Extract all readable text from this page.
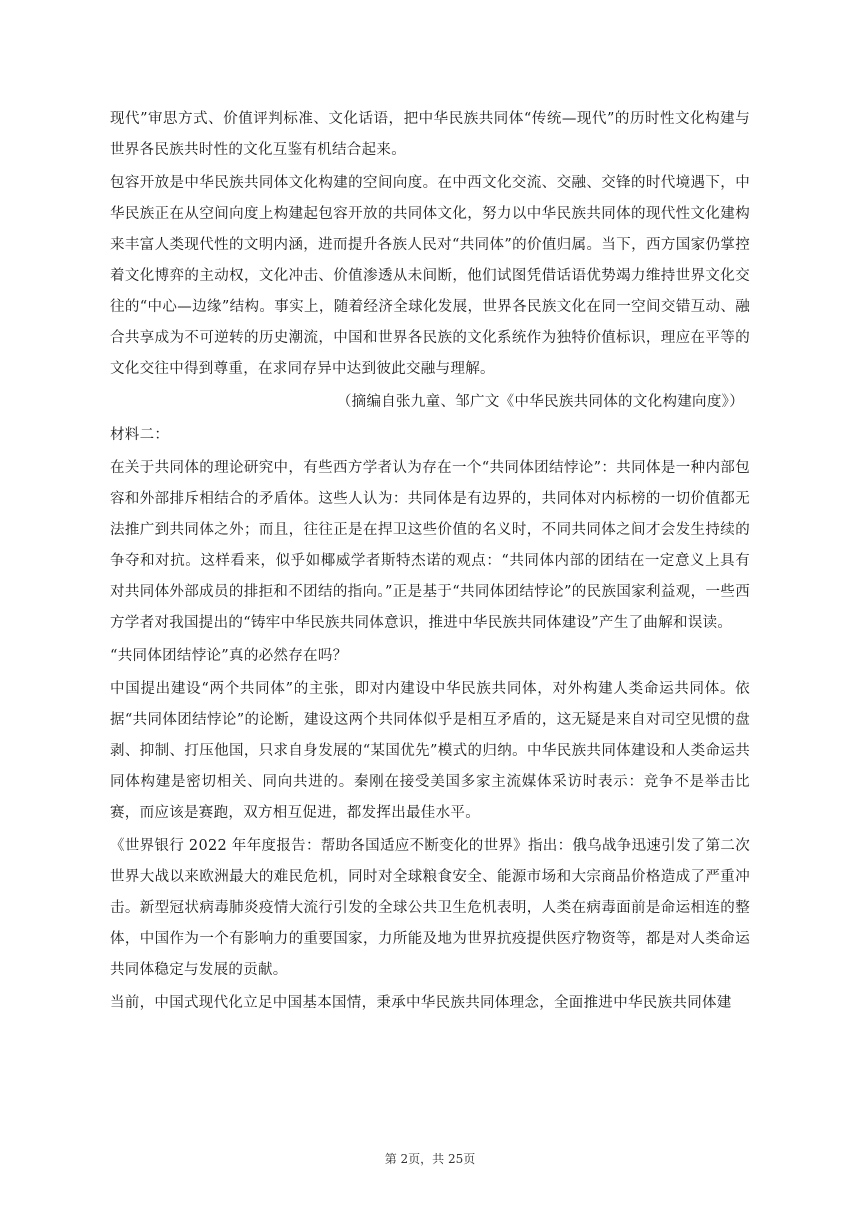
现代”审思方式、价值评判标准、文化话语，把中华民族共同体“传统—现代”的历时性文化构建与世界各民族共时性的文化互鉴有机结合起来。

包容开放是中华民族共同体文化构建的空间向度。在中西文化交流、交融、交锋的时代境遇下，中华民族正在从空间向度上构建起包容开放的共同体文化，努力以中华民族共同体的现代性文化建构来丰富人类现代性的文明内涵，进而提升各族人民对“共同体”的价值归属。当下，西方国家仍掌控着文化博弈的主动权，文化冲击、价值渗透从未间断，他们试图凭借话语优势竭力维持世界文化交往的“中心—边缘”结构。事实上，随着经济全球化发展，世界各民族文化在同一空间交错互动、融合共享成为不可逆转的历史潮流，中国和世界各民族的文化系统作为独特价值标识，理应在平等的文化交往中得到尊重，在求同存异中达到彼此交融与理解。

（摘编自张九童、邹广文《中华民族共同体的文化构建向度》）

材料二：

在关于共同体的理论研究中，有些西方学者认为存在一个“共同体团结悖论”：共同体是一种内部包容和外部排斥相结合的矛盾体。这些人认为：共同体是有边界的，共同体对内标榜的一切价值都无法推广到共同体之外；而且，往往正是在捍卫这些价值的名义时，不同共同体之间才会发生持续的争夺和对抗。这样看来，似乎如椰威学者斯特杰诺的观点：“共同体内部的团结在一定意义上具有对共同体外部成员的排拒和不团结的指向。”正是基于“共同体团结悖论”的民族国家利益观，一些西方学者对我国提出的“铸牢中华民族共同体意识，推进中华民族共同体建设”产生了曲解和误读。

“共同体团结悖论”真的必然存在吗？

中国提出建设“两个共同体”的主张，即对内建设中华民族共同体，对外构建人类命运共同体。依据“共同体团结悖论”的论断，建设这两个共同体似乎是相互矛盾的，这无疑是来自对司空见惯的盘剥、抑制、打压他国，只求自身发展的“某国优先”模式的归纳。中华民族共同体建设和人类命运共同体构建是密切相关、同向共进的。秦刚在接受美国多家主流媒体采访时表示：竞争不是举击比赛，而应该是赛跑，双方相互促进，都发挥出最佳水平。

《世界银行 2022 年年度报告：帮助各国适应不断变化的世界》指出：俄乌战争迅速引发了第二次世界大战以来欧洲最大的难民危机，同时对全球粮食安全、能源市场和大宗商品价格造成了严重冲击。新型冠状病毒肺炎疫情大流行引发的全球公共卫生危机表明，人类在病毒面前是命运相连的整体，中国作为一个有影响力的重要国家，力所能及地为世界抗疫提供医疗物资等，都是对人类命运共同体稳定与发展的贡献。

当前，中国式现代化立足中国基本国情，秉承中华民族共同体理念，全面推进中华民族共同体建

第 2页，共 25页
